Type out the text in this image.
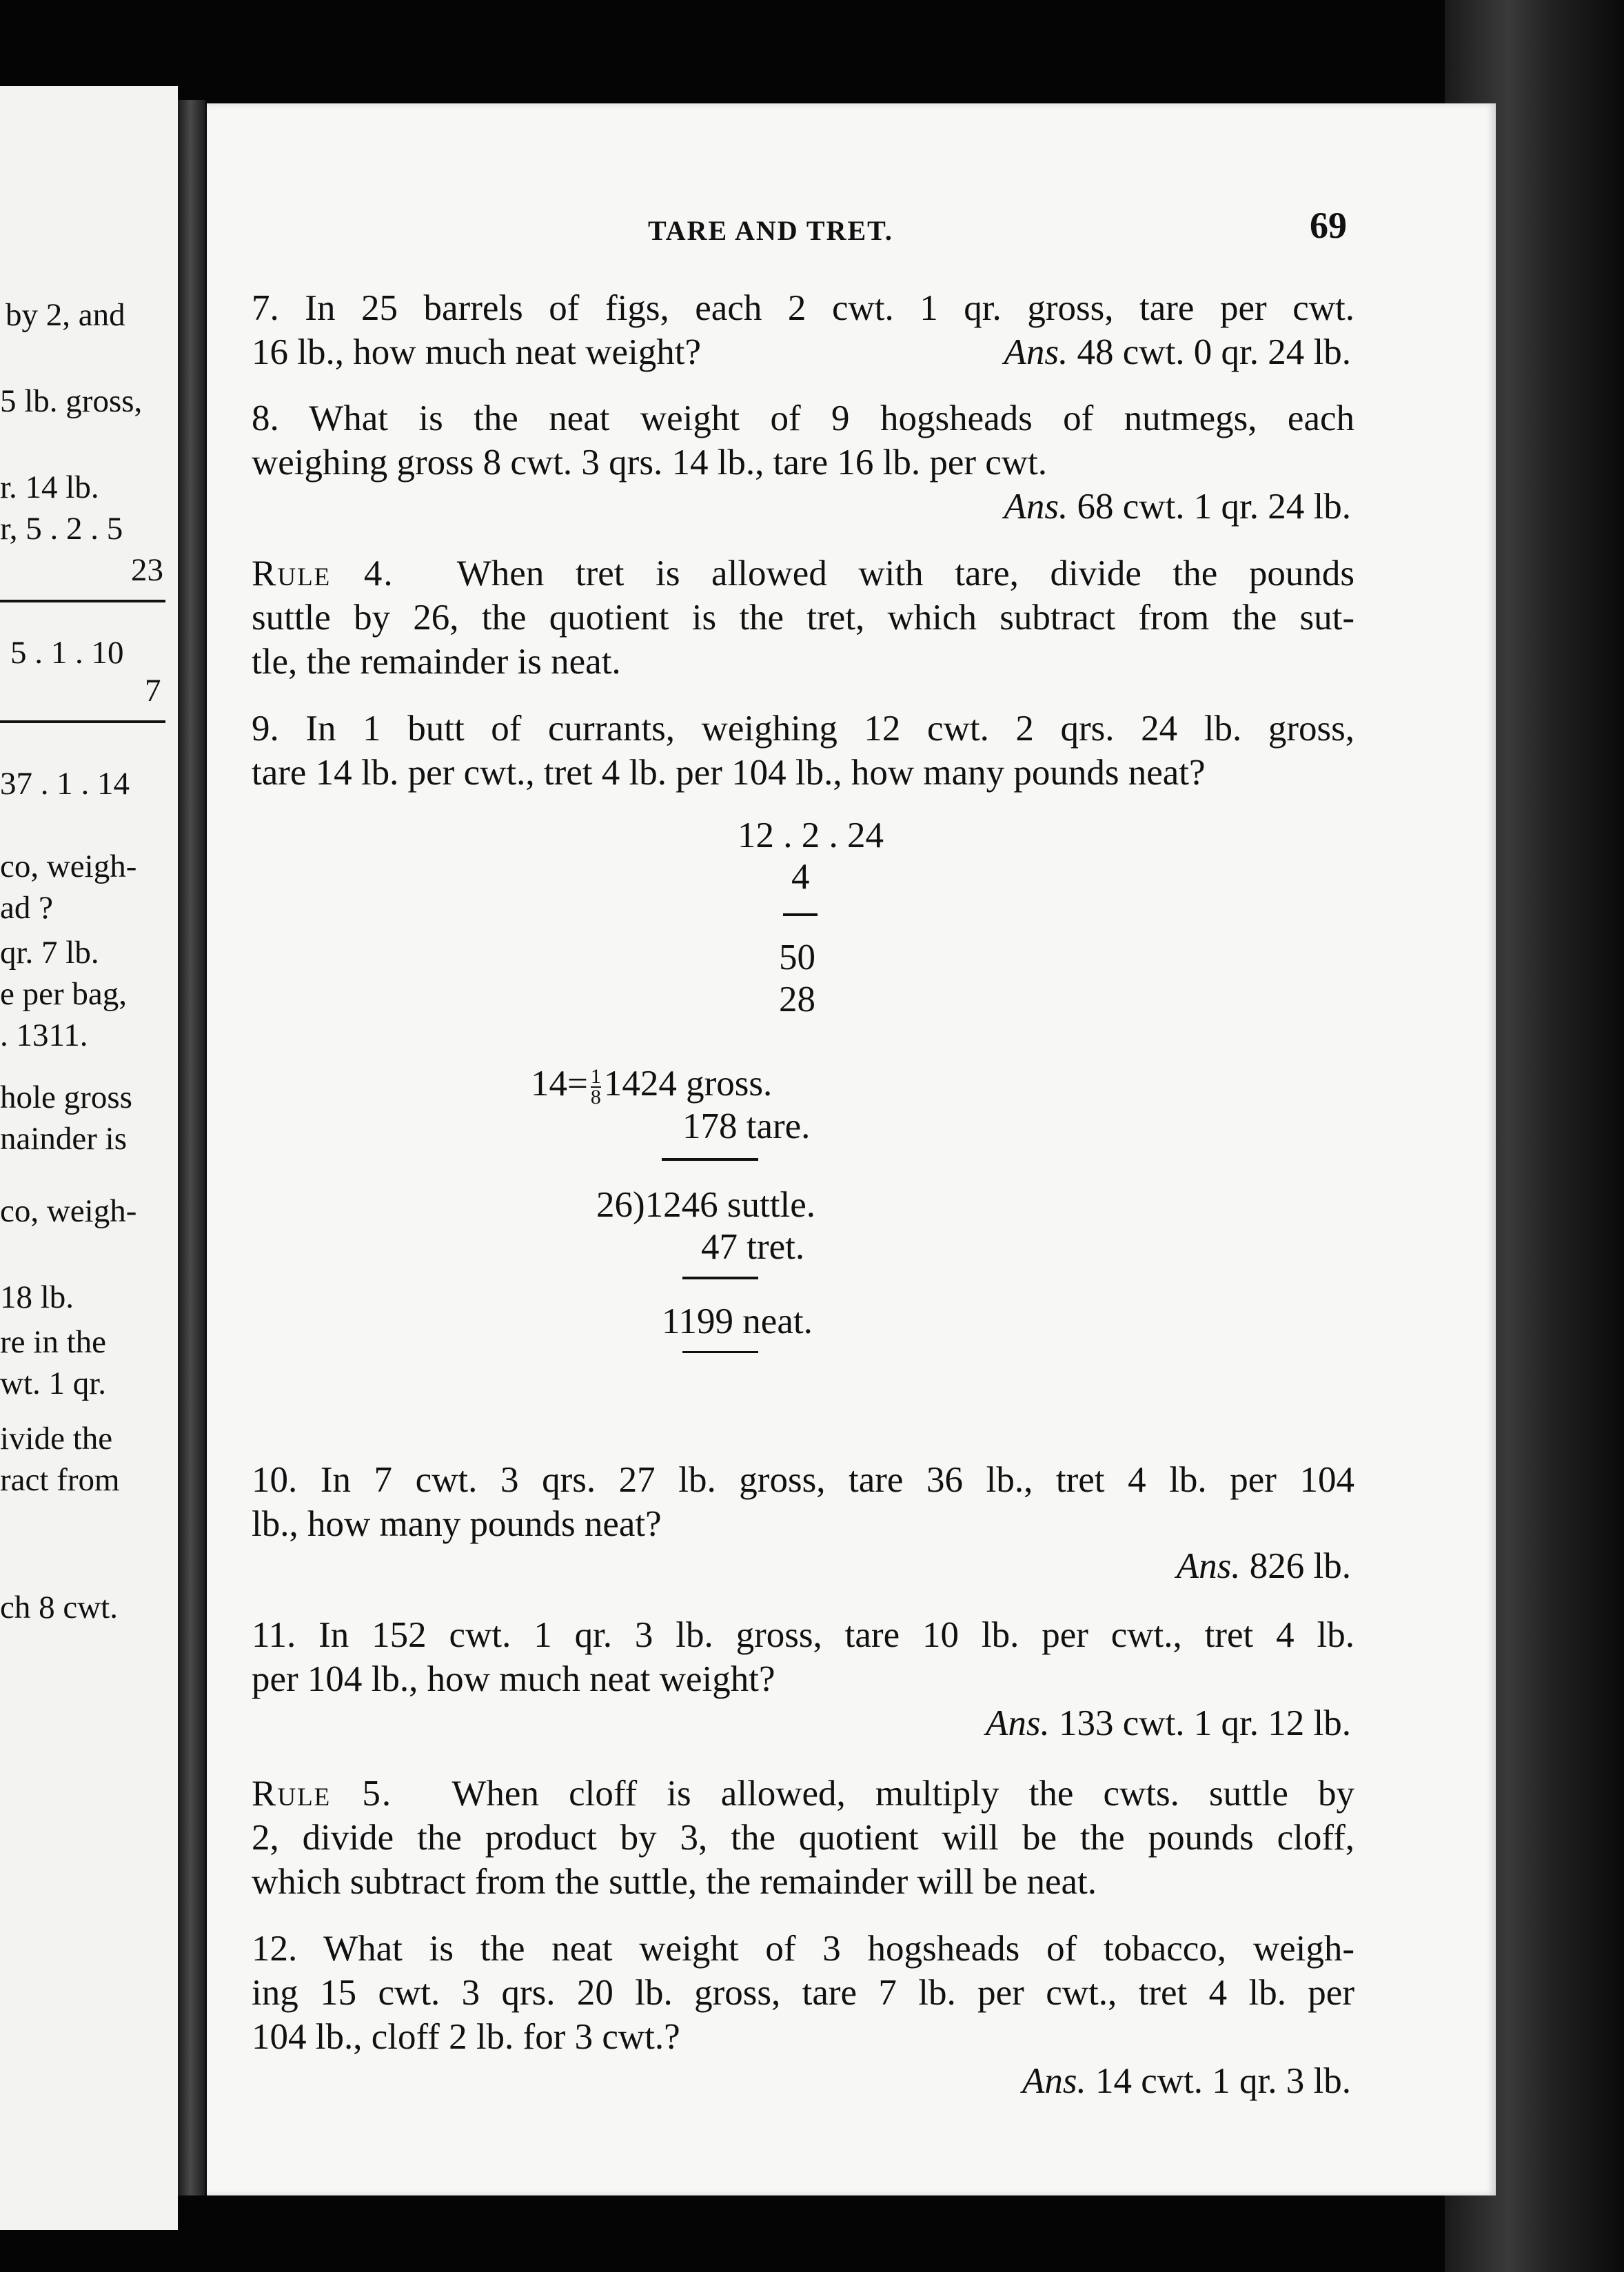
by 2, and
5 lb. gross,
r. 14 lb.
r, 5 . 2 . 5
23
5 . 1 . 10
7
37 . 1 . 14
co, weigh-
ad ?
qr. 7 lb.
e per bag,
. 1311.
hole gross
nainder is
co, weigh-
18 lb.
re in the
wt. 1 qr.
ivide the
ract from
ch 8 cwt.
TARE AND TRET.	69
7. In 25 barrels of figs, each 2 cwt. 1 qr. gross, tare per cwt.
16 lb., how much neat weight?	Ans. 48 cwt. 0 qr. 24 lb.
8. What is the neat weight of 9 hogsheads of nutmegs, each
weighing gross 8 cwt. 3 qrs. 14 lb., tare 16 lb. per cwt.
Ans. 68 cwt. 1 qr. 24 lb.
Rule 4. When tret is allowed with tare, divide the pounds
suttle by 26, the quotient is the tret, which subtract from the sut-
tle, the remainder is neat.
9. In 1 butt of currants, weighing 12 cwt. 2 qrs. 24 lb. gross,
tare 14 lb. per cwt., tret 4 lb. per 104 lb., how many pounds neat?
12 . 2 . 24
4
50
28
$14= \frac{1}{8} 1424$ gross.
178 tare.
26)1246 suttle.
47 tret.
1199 neat.
10. In 7 cwt. 3 qrs. 27 lb. gross, tare 36 lb., tret 4 lb. per 104
lb., how many pounds neat?
Ans. 826 lb.
11. In 152 cwt. 1 qr. 3 lb. gross, tare 10 lb. per cwt., tret 4 lb.
per 104 lb., how much neat weight?
Ans. 133 cwt. 1 qr. 12 lb.
Rule 5. When cloff is allowed, multiply the cwts. suttle by
2, divide the product by 3, the quotient will be the pounds cloff,
which subtract from the suttle, the remainder will be neat.
12. What is the neat weight of 3 hogsheads of tobacco, weigh-
ing 15 cwt. 3 qrs. 20 lb. gross, tare 7 lb. per cwt., tret 4 lb. per
104 lb., cloff 2 lb. for 3 cwt.?
Ans. 14 cwt. 1 qr. 3 lb.
